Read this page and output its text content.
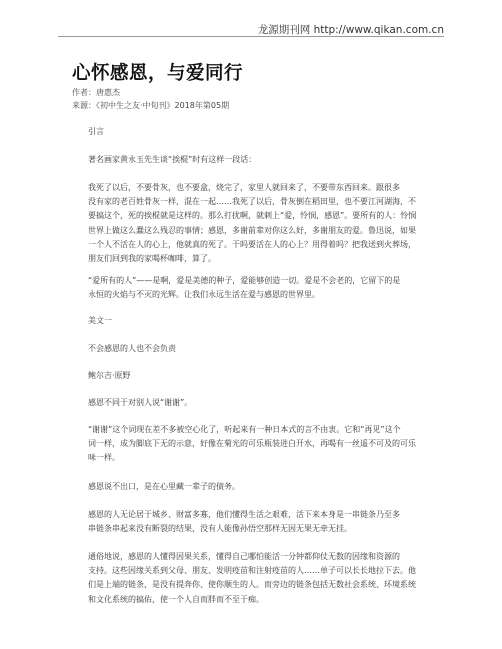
龙源期刊网 http://www.qikan.com.cn
心怀感恩，与爱同行
作者：唐惠杰
来源：《初中生之友·中旬刊》2018年第05期
引言
著名画家黄永玉先生谈“挨棍”时有这样一段话：
我死了以后，不要骨灰，也不要盒，烧完了，家里人就回来了，不要带东西回来。跟很多
没有家的老百姓骨灰一样，混在一起……我死了以后，骨灰倒在稻田里，也不要江河湖海，不
要搞这个，死的挨棍就是这样的。那么打扰啊，就刺上“爱，怜悯，感恩”。要所有的人：怜悯
世界上做这么蠢这么残忍的事情；感恩，多谢前辈对你这么好，多谢朋友的爱。鲁迅说，如果
一个人不活在人的心上，他就真的死了。干吗要活在人的心上？用得着吗？把我送到火葬场，
朋友们回到我的家喝杯咖啡，算了。
“爱所有的人”——是啊，爱是美德的种子，爱能够创造一切。爱是不会老的，它留下的是
永恒的火焰与不灭的光辉。让我们永远生活在爱与感恩的世界里。
美文一
不会感恩的人也不会负责
鲍尔吉·原野
感恩不同于对别人说“谢谢”。
“谢谢”这个词现在差不多被空心化了，听起来有一种日本式的言不由衷。它和“再见”这个
词一样，成为脚底下无的示意，好像在菊光的可乐瓶装进白开水，再喝有一丝遥不可及的可乐
味一样。
感恩说不出口，是在心里藏一辈子的债务。
感恩的人无论居于城乡、财富多寡，他们懂得生活之艰难，活下来本身是一串链条乃至多
串链条串起来没有断裂的结果，没有人能像孙悟空那样无因无果无牵无挂。
通俗地说，感恩的人懂得因果关系，懂得自己哪怕能活一分钟都仰仗无数的因缘和资源的
支持。这些因缘关系到父母、朋友、发明疫苗和注射疫苗的人……单子可以长长地拉下去。他
们是上端的链条，是没有提奔你、使你顺生的人。而旁边的链条包括无数社会系统、环境系统
和文化系统的搞佑，使一个人自而胖而不至于痴。
